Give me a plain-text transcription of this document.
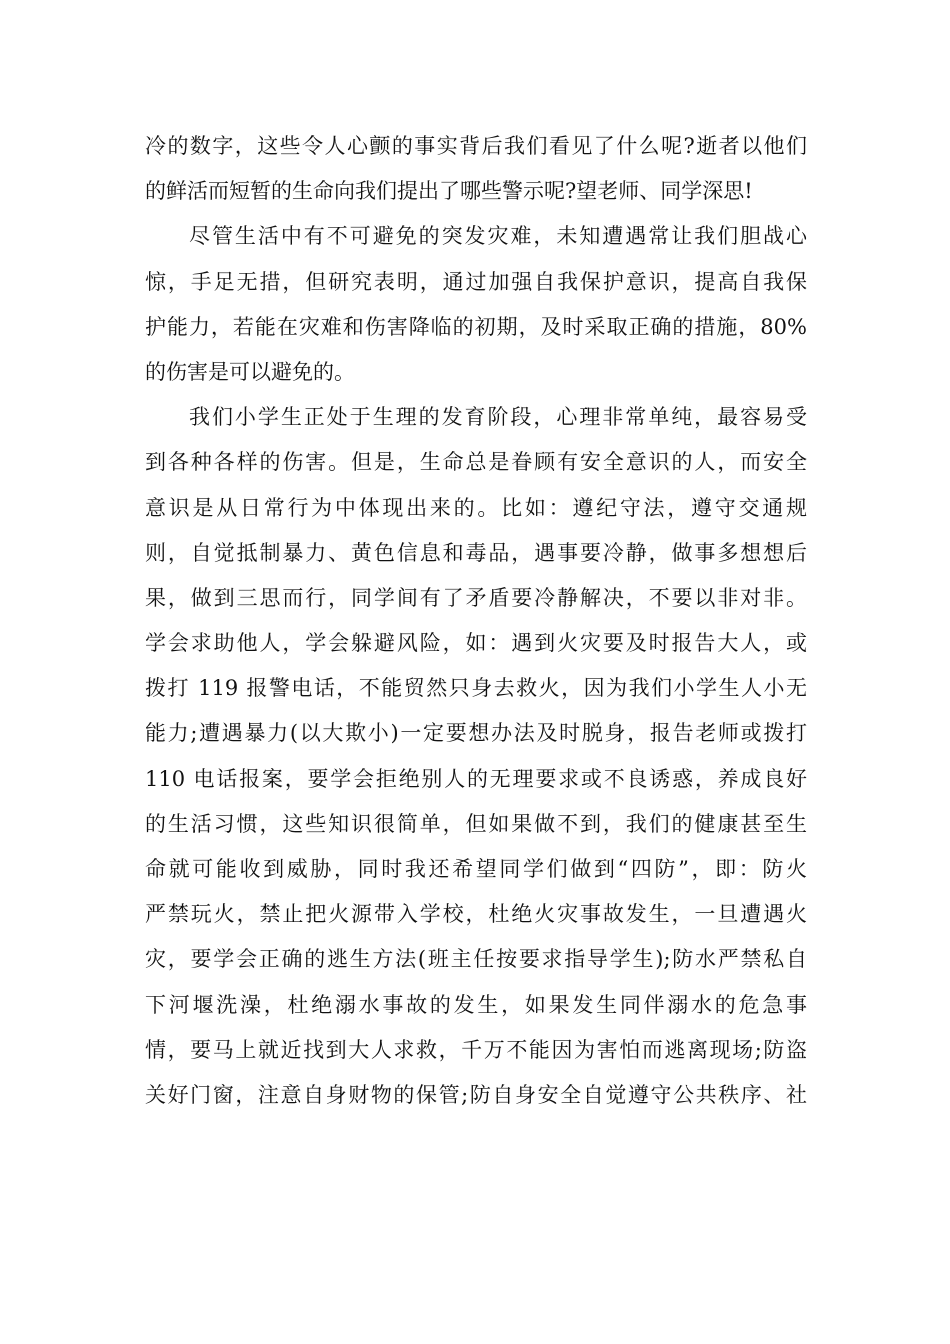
冷的数字，这些令人心颤的事实背后我们看见了什么呢?逝者以他们
的鲜活而短暂的生命向我们提出了哪些警示呢?望老师、同学深思!
尽管生活中有不可避免的突发灾难，未知遭遇常让我们胆战心
惊，手足无措，但研究表明，通过加强自我保护意识，提高自我保
护能力，若能在灾难和伤害降临的初期，及时采取正确的措施，80%
的伤害是可以避免的。
我们小学生正处于生理的发育阶段，心理非常单纯，最容易受
到各种各样的伤害。但是，生命总是眷顾有安全意识的人，而安全
意识是从日常行为中体现出来的。比如：遵纪守法，遵守交通规
则，自觉抵制暴力、黄色信息和毒品，遇事要冷静，做事多想想后
果，做到三思而行，同学间有了矛盾要冷静解决，不要以非对非。
学会求助他人，学会躲避风险，如：遇到火灾要及时报告大人，或
拨打 119 报警电话，不能贸然只身去救火，因为我们小学生人小无
能力;遭遇暴力(以大欺小)一定要想办法及时脱身，报告老师或拨打
110 电话报案，要学会拒绝别人的无理要求或不良诱惑，养成良好
的生活习惯，这些知识很简单，但如果做不到，我们的健康甚至生
命就可能收到威胁，同时我还希望同学们做到“四防”，即：防火
严禁玩火，禁止把火源带入学校，杜绝火灾事故发生，一旦遭遇火
灾，要学会正确的逃生方法(班主任按要求指导学生);防水严禁私自
下河堰洗澡，杜绝溺水事故的发生，如果发生同伴溺水的危急事
情，要马上就近找到大人求救，千万不能因为害怕而逃离现场;防盗
关好门窗，注意自身财物的保管;防自身安全自觉遵守公共秩序、社
